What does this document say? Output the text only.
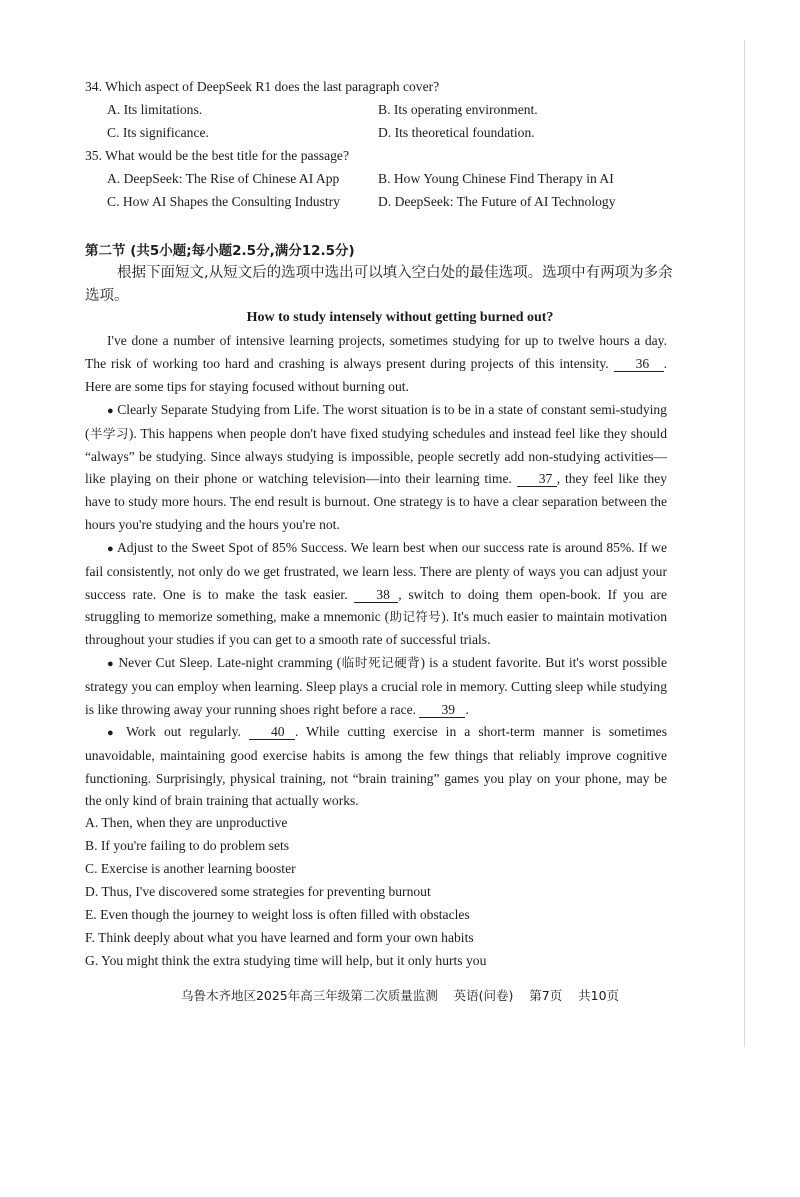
34. Which aspect of DeepSeek R1 does the last paragraph cover?
A. Its limitations.	B. Its operating environment.
C. Its significance.	D. Its theoretical foundation.
35. What would be the best title for the passage?
A. DeepSeek: The Rise of Chinese AI App	B. How Young Chinese Find Therapy in AI
C. How AI Shapes the Consulting Industry	D. DeepSeek: The Future of AI Technology
第二节 (共5小题;每小题2.5分,满分12.5分)
根据下面短文,从短文后的选项中选出可以填入空白处的最佳选项。选项中有两项为多余选项。
How to study intensely without getting burned out?
I've done a number of intensive learning projects, sometimes studying for up to twelve hours a day. The risk of working too hard and crashing is always present during projects of this intensity. 36 . Here are some tips for staying focused without burning out.
● Clearly Separate Studying from Life. The worst situation is to be in a state of constant semi-studying (半学习). This happens when people don't have fixed studying schedules and instead feel like they should “always” be studying. Since always studying is impossible, people secretly add non-studying activities—like playing on their phone or watching television—into their learning time. 37 , they feel like they have to study more hours. The end result is burnout. One strategy is to have a clear separation between the hours you're studying and the hours you're not.
● Adjust to the Sweet Spot of 85% Success. We learn best when our success rate is around 85%. If we fail consistently, not only do we get frustrated, we learn less. There are plenty of ways you can adjust your success rate. One is to make the task easier. 38 , switch to doing them open-book. If you are struggling to memorize something, make a mnemonic (助记符号). It's much easier to maintain motivation throughout your studies if you can get to a smooth rate of successful trials.
● Never Cut Sleep. Late-night cramming (临时死记硬背) is a student favorite. But it's worst possible strategy you can employ when learning. Sleep plays a crucial role in memory. Cutting sleep while studying is like throwing away your running shoes right before a race. 39 .
● Work out regularly. 40 . While cutting exercise in a short-term manner is sometimes unavoidable, maintaining good exercise habits is among the few things that reliably improve cognitive functioning. Surprisingly, physical training, not “brain training” games you play on your phone, may be the only kind of brain training that actually works.
A. Then, when they are unproductive
B. If you're failing to do problem sets
C. Exercise is another learning booster
D. Thus, I've discovered some strategies for preventing burnout
E. Even though the journey to weight loss is often filled with obstacles
F. Think deeply about what you have learned and form your own habits
G. You might think the extra studying time will help, but it only hurts you
乌鲁木齐地区2025年高三年级第二次质量监测    英语(问卷)    第7页    共10页
